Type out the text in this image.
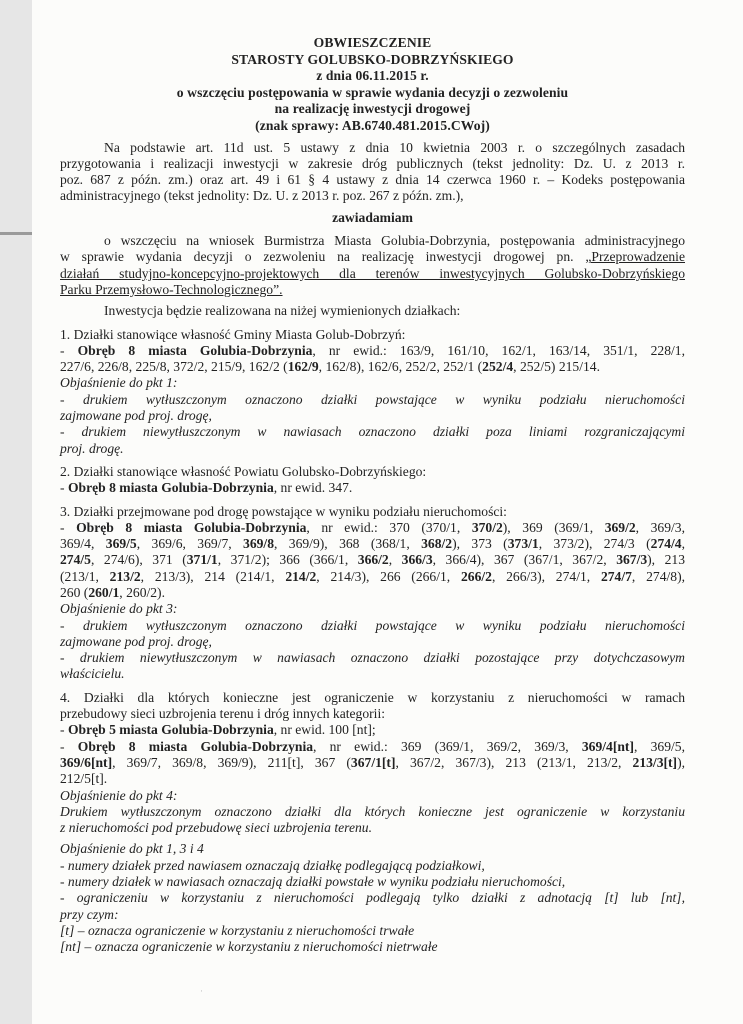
OBWIESZCZENIE
STAROSTY GOLUBSKO-DOBRZYŃSKIEGO
z dnia 06.11.2015 r.
o wszczęciu postępowania w sprawie wydania decyzji o zezwoleniu
na realizację inwestycji drogowej
(znak sprawy: AB.6740.481.2015.CWoj)

Na podstawie art. 11d ust. 5 ustawy z dnia 10 kwietnia 2003 r. o szczególnych zasadach

przygotowania i realizacji inwestycji w zakresie dróg publicznych (tekst jednolity: Dz. U. z 2013 r.

poz. 687 z późn. zm.) oraz art. 49 i 61 § 4 ustawy z dnia 14 czerwca 1960 r. – Kodeks postępowania

administracyjnego (tekst jednolity: Dz. U. z 2013 r. poz. 267 z późn. zm.),

zawiadamiam

o wszczęciu na wniosek Burmistrza Miasta Golubia-Dobrzynia, postępowania administracyjnego

w sprawie wydania decyzji o zezwoleniu na realizację inwestycji drogowej pn. „Przeprowadzenie

działań studyjno-koncepcyjno-projektowych dla terenów inwestycyjnych Golubsko-Dobrzyńskiego

Parku Przemysłowo-Technologicznego”.

Inwestycja będzie realizowana na niżej wymienionych działkach:

1. Działki stanowiące własność Gminy Miasta Golub-Dobrzyń:

- Obręb 8 miasta Golubia-Dobrzynia, nr ewid.: 163/9, 161/10, 162/1, 163/14, 351/1, 228/1,

227/6, 226/8, 225/8, 372/2, 215/9, 162/2 (162/9, 162/8), 162/6, 252/2, 252/1 (252/4, 252/5) 215/14.

Objaśnienie do pkt 1:

- drukiem wytłuszczonym oznaczono działki powstające w wyniku podziału nieruchomości

zajmowane pod proj. drogę,

- drukiem niewytłuszczonym w nawiasach oznaczono działki poza liniami rozgraniczającymi

proj. drogę.

2. Działki stanowiące własność Powiatu Golubsko-Dobrzyńskiego:

- Obręb 8 miasta Golubia-Dobrzynia, nr ewid. 347.

3. Działki przejmowane pod drogę powstające w wyniku podziału nieruchomości:

- Obręb 8 miasta Golubia-Dobrzynia, nr ewid.: 370 (370/1, 370/2), 369 (369/1, 369/2, 369/3,

369/4, 369/5, 369/6, 369/7, 369/8, 369/9), 368 (368/1, 368/2), 373 (373/1, 373/2), 274/3 (274/4,

274/5, 274/6), 371 (371/1, 371/2); 366 (366/1, 366/2, 366/3, 366/4), 367 (367/1, 367/2, 367/3), 213

(213/1, 213/2, 213/3), 214 (214/1, 214/2, 214/3), 266 (266/1, 266/2, 266/3), 274/1, 274/7, 274/8),

260 (260/1, 260/2).

Objaśnienie do pkt 3:

- drukiem wytłuszczonym oznaczono działki powstające w wyniku podziału nieruchomości

zajmowane pod proj. drogę,

- drukiem niewytłuszczonym w nawiasach oznaczono działki pozostające przy dotychczasowym

właścicielu.

4. Działki dla których konieczne jest ograniczenie w korzystaniu z nieruchomości w ramach

przebudowy sieci uzbrojenia terenu i dróg innych kategorii:

- Obręb 5 miasta Golubia-Dobrzynia, nr ewid. 100 [nt];

- Obręb 8 miasta Golubia-Dobrzynia, nr ewid.: 369 (369/1, 369/2, 369/3, 369/4[nt], 369/5,

369/6[nt], 369/7, 369/8, 369/9), 211[t], 367 (367/1[t], 367/2, 367/3), 213 (213/1, 213/2, 213/3[t]),

212/5[t].

Objaśnienie do pkt 4:

Drukiem wytłuszczonym oznaczono działki dla których konieczne jest ograniczenie w korzystaniu

z nieruchomości pod przebudowę sieci uzbrojenia terenu.

Objaśnienie do pkt 1, 3 i 4

- numery działek przed nawiasem oznaczają działkę podlegającą podziałkowi,

- numery działek w nawiasach oznaczają działki powstałe w wyniku podziału nieruchomości,

- ograniczeniu w korzystaniu z nieruchomości podlegają tylko działki z adnotacją [t] lub [nt],

przy czym:

[t] – oznacza ograniczenie w korzystaniu z nieruchomości trwałe

[nt] – oznacza ograniczenie w korzystaniu z nieruchomości nietrwałe

·
